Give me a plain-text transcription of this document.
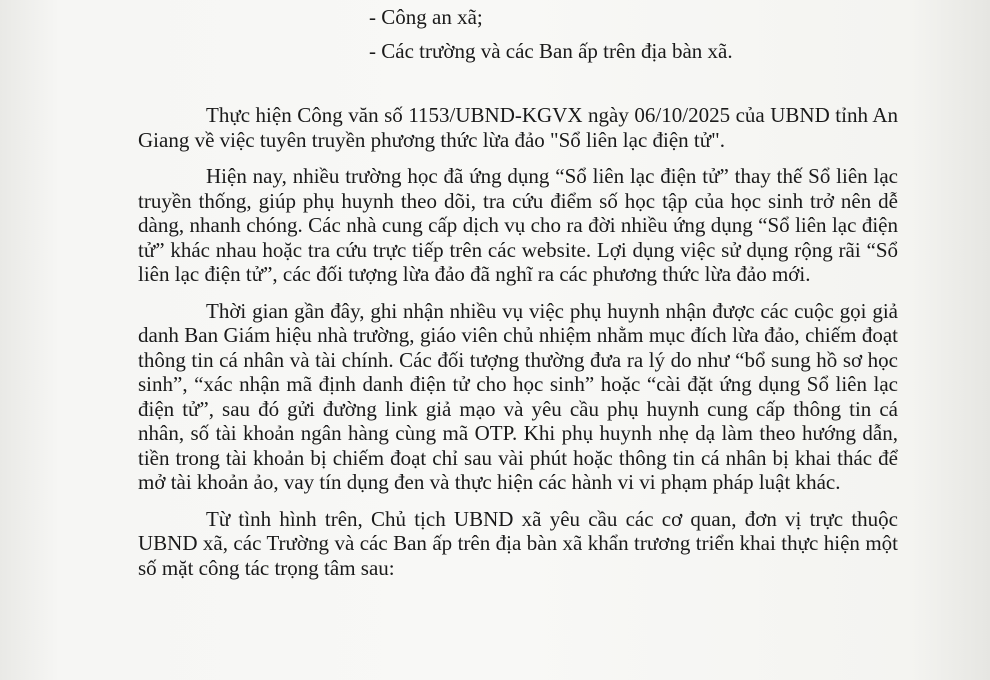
- Công an xã;
- Các trường và các Ban ấp trên địa bàn xã.

Thực hiện Công văn số 1153/UBND-KGVX ngày 06/10/2025 của UBND tỉnh An Giang về việc tuyên truyền phương thức lừa đảo "Sổ liên lạc điện tử".

Hiện nay, nhiều trường học đã ứng dụng “Sổ liên lạc điện tử” thay thế Sổ liên lạc truyền thống, giúp phụ huynh theo dõi, tra cứu điểm số học tập của học sinh trở nên dễ dàng, nhanh chóng. Các nhà cung cấp dịch vụ cho ra đời nhiều ứng dụng “Sổ liên lạc điện tử” khác nhau hoặc tra cứu trực tiếp trên các website. Lợi dụng việc sử dụng rộng rãi “Sổ liên lạc điện tử”, các đối tượng lừa đảo đã nghĩ ra các phương thức lừa đảo mới.

Thời gian gần đây, ghi nhận nhiều vụ việc phụ huynh nhận được các cuộc gọi giả danh Ban Giám hiệu nhà trường, giáo viên chủ nhiệm nhằm mục đích lừa đảo, chiếm đoạt thông tin cá nhân và tài chính. Các đối tượng thường đưa ra lý do như “bổ sung hồ sơ học sinh”, “xác nhận mã định danh điện tử cho học sinh” hoặc “cài đặt ứng dụng Sổ liên lạc điện tử”, sau đó gửi đường link giả mạo và yêu cầu phụ huynh cung cấp thông tin cá nhân, số tài khoản ngân hàng cùng mã OTP. Khi phụ huynh nhẹ dạ làm theo hướng dẫn, tiền trong tài khoản bị chiếm đoạt chỉ sau vài phút hoặc thông tin cá nhân bị khai thác để mở tài khoản ảo, vay tín dụng đen và thực hiện các hành vi vi phạm pháp luật khác.

Từ tình hình trên, Chủ tịch UBND xã yêu cầu các cơ quan, đơn vị trực thuộc UBND xã, các Trường và các Ban ấp trên địa bàn xã khẩn trương triển khai thực hiện một số mặt công tác trọng tâm sau:
